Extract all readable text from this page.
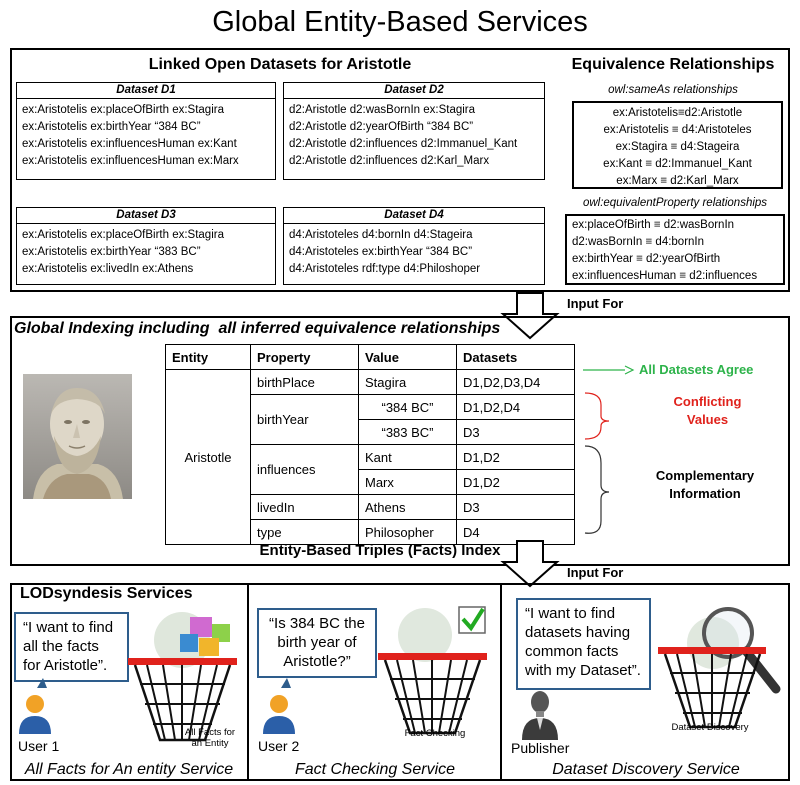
Global Entity-Based Services
Linked Open Datasets for Aristotle
Dataset D1
ex:Aristotelis ex:placeOfBirth ex:Stagira
ex:Aristotelis ex:birthYear “384 BC”
ex:Aristotelis ex:influencesHuman ex:Kant
ex:Aristotelis ex:influencesHuman ex:Marx
Dataset D2
d2:Aristotle d2:wasBornIn ex:Stagira
d2:Aristotle d2:yearOfBirth “384 BC”
d2:Aristotle d2:influences d2:Immanuel_Kant
d2:Aristotle d2:influences d2:Karl_Marx
Dataset D3
ex:Aristotelis ex:placeOfBirth ex:Stagira
ex:Aristotelis ex:birthYear “383 BC”
ex:Aristotelis ex:livedIn ex:Athens
Dataset D4
d4:Aristoteles d4:bornIn d4:Stageira
d4:Aristoteles ex:birthYear “384 BC”
d4:Aristoteles rdf:type d4:Philoshoper
Equivalence Relationships
owl:sameAs relationships
ex:Aristotelis≡d2:Aristotle
ex:Aristotelis ≡ d4:Aristoteles
ex:Stagira ≡ d4:Stageira
ex:Kant ≡ d2:Immanuel_Kant
ex:Marx ≡ d2:Karl_Marx
owl:equivalentProperty relationships
ex:placeOfBirth ≡ d2:wasBornIn
d2:wasBornIn ≡ d4:bornIn
ex:birthYear ≡ d2:yearOfBirth
ex:influencesHuman ≡ d2:influences
Input For
Global Indexing including  all inferred equivalence relationships
Entity	Property	Value	Datasets
Aristotle	birthPlace	Stagira	D1,D2,D3,D4
	birthYear	“384 BC”	D1,D2,D4
		“383 BC”	D3
	influences	Kant	D1,D2
		Marx	D1,D2
	livedIn	Athens	D3
	type	Philosopher	D4
All Datasets Agree
Conflicting Values
Complementary Information
Entity-Based Triples (Facts) Index
Input For
LODsyndesis Services
“I want to find all the facts for Aristotle”.
User 1
All Facts for an Entity
All Facts for An entity Service
“Is 384 BC the birth year of Aristotle?”
User 2
Fact Checking
Fact Checking Service
“I want to find datasets having common facts with my Dataset”.
Publisher
Dataset Discovery
Dataset Discovery Service
